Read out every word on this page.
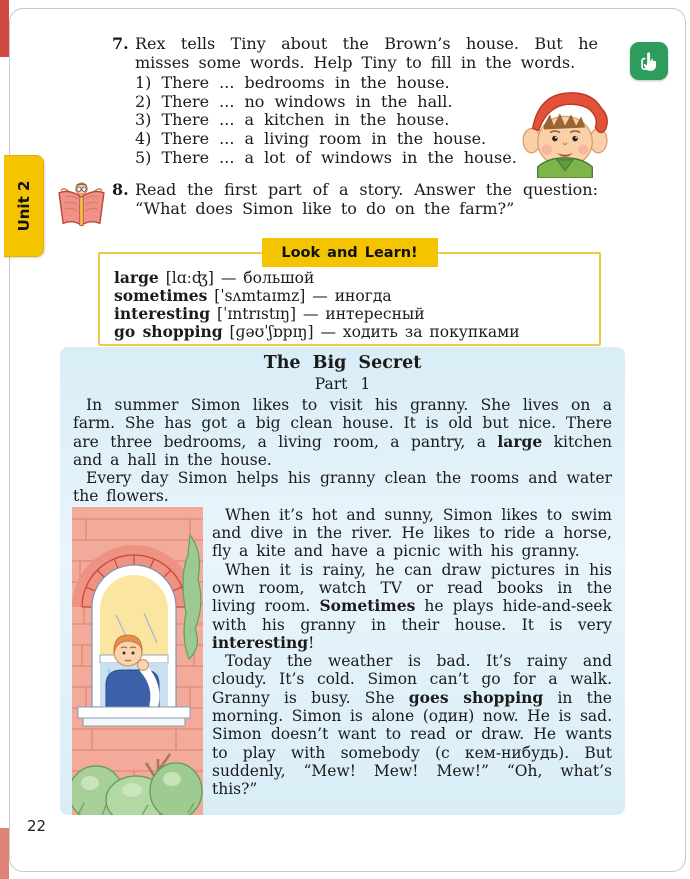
Unit 2
7. Rex tells Tiny about the Brown’s house. But he misses some words. Help Tiny to fill in the words.
1) There ... bedrooms in the house.
2) There ... no windows in the hall.
3) There ... a kitchen in the house.
4) There ... a living room in the house.
5) There ... a lot of windows in the house.
8. Read the first part of a story. Answer the question: “What does Simon like to do on the farm?”
Look and Learn!
large [lɑːʤ] — большой
sometimes [ˈsʌmtaɪmz] — иногда
interesting [ˈɪntrɪstɪŋ] — интересный
go shopping [ɡəʊˈʃɒpɪŋ] — ходить за покупками
The Big Secret
Part 1
In summer Simon likes to visit his granny. She lives on a farm. She has got a big clean house. It is old but nice. There are three bedrooms, a living room, a pantry, a large kitchen and a hall in the house.
Every day Simon helps his granny clean the rooms and water the flowers.
When it’s hot and sunny, Simon likes to swim and dive in the river. He likes to ride a horse, fly a kite and have a picnic with his granny.
When it is rainy, he can draw pictures in his own room, watch TV or read books in the living room. Sometimes he plays hide-and-seek with his granny in their house. It is very interesting!
Today the weather is bad. It’s rainy and cloudy. It’s cold. Simon can’t go for a walk. Granny is busy. She goes shopping in the morning. Simon is alone (один) now. He is sad. Simon doesn’t want to read or draw. He wants to play with somebody (с кем-нибудь). But suddenly, “Mew! Mew! Mew!” “Oh, what’s this?”
22
